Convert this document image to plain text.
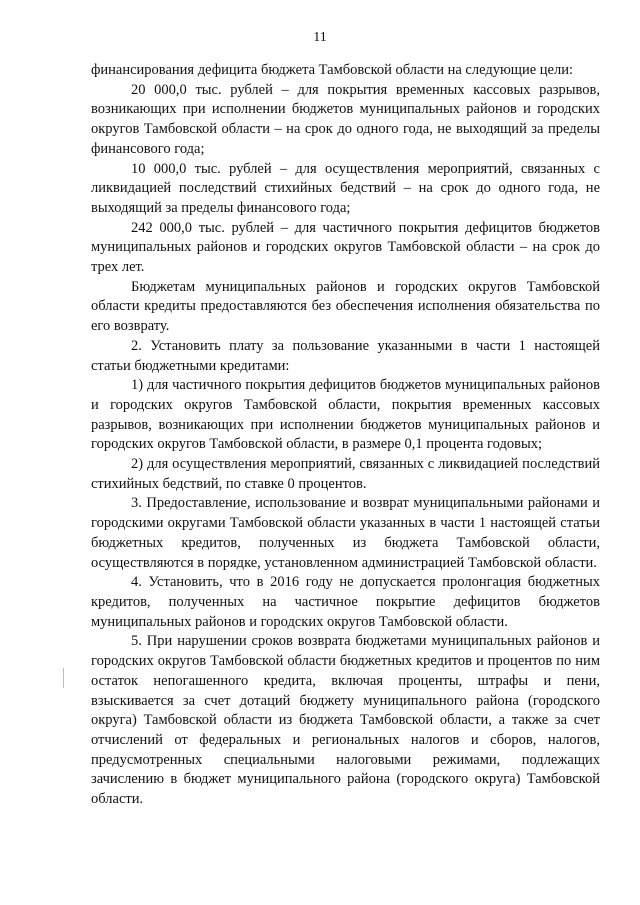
11

финансирования дефицита бюджета Тамбовской области на следующие цели:

20 000,0 тыс. рублей – для покрытия временных кассовых разрывов, возникающих при исполнении бюджетов муниципальных районов и городских округов Тамбовской области – на срок до одного года, не выходящий за пределы финансового года;

10 000,0 тыс. рублей – для осуществления мероприятий, связанных с ликвидацией последствий стихийных бедствий – на срок до одного года, не выходящий за пределы финансового года;

242 000,0 тыс. рублей – для частичного покрытия дефицитов бюджетов муниципальных районов и городских округов Тамбовской области – на срок до трех лет.

Бюджетам муниципальных районов и городских округов Тамбовской области кредиты предоставляются без обеспечения исполнения обязательства по его возврату.

2. Установить плату за пользование указанными в части 1 настоящей статьи бюджетными кредитами:

1) для частичного покрытия дефицитов бюджетов муниципальных районов и городских округов Тамбовской области, покрытия временных кассовых разрывов, возникающих при исполнении бюджетов муниципальных районов и городских округов Тамбовской области, в размере 0,1 процента годовых;

2) для осуществления мероприятий, связанных с ликвидацией последствий стихийных бедствий, по ставке 0 процентов.

3. Предоставление, использование и возврат муниципальными районами и городскими округами Тамбовской области указанных в части 1 настоящей статьи бюджетных кредитов, полученных из бюджета Тамбовской области, осуществляются в порядке, установленном администрацией Тамбовской области.

4. Установить, что в 2016 году не допускается пролонгация бюджетных кредитов, полученных на частичное покрытие дефицитов бюджетов муниципальных районов и городских округов Тамбовской области.

5. При нарушении сроков возврата бюджетами муниципальных районов и городских округов Тамбовской области бюджетных кредитов и процентов по ним остаток непогашенного кредита, включая проценты, штрафы и пени, взыскивается за счет дотаций бюджету муниципального района (городского округа) Тамбовской области из бюджета Тамбовской области, а также за счет отчислений от федеральных и региональных налогов и сборов, налогов, предусмотренных специальными налоговыми режимами, подлежащих зачислению в бюджет муниципального района (городского округа) Тамбовской области.
